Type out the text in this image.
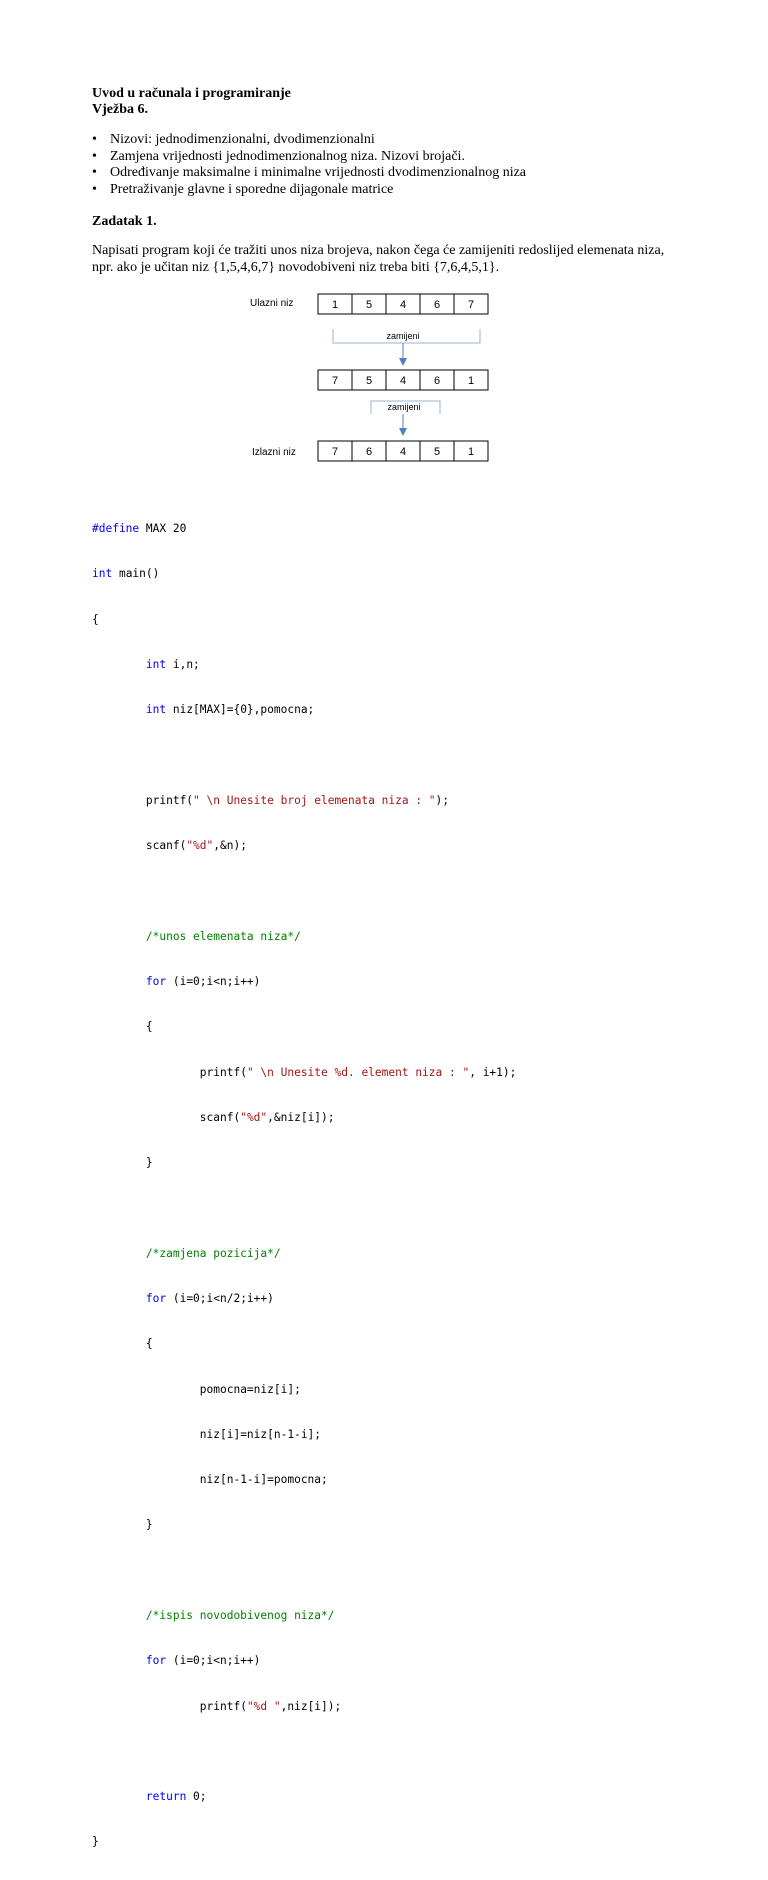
Uvod u računala i programiranje
Vježba 6.
• Nizovi: jednodimenzionalni, dvodimenzionalni
• Zamjena vrijednosti jednodimenzionalnog niza. Nizovi brojači.
• Određivanje maksimalne i minimalne vrijednosti dvodimenzionalnog niza
• Pretraživanje glavne i sporedne dijagonale matrice
Zadatak 1.
Napisati program koji će tražiti unos niza brojeva, nakon čega će zamijeniti redoslijed elemenata niza,
npr. ako je učitan niz {1,5,4,6,7} novodobiveni niz treba biti {7,6,4,5,1}.
Ulazni niz	1	5	4	6	7
zamijeni
7	5	4	6	1
zamijeni
Izlazni niz	7	6	4	5	1

#define MAX 20

int main()

{

int i,n;

int niz[MAX]={0},pomocna;

printf(" \n Unesite broj elemenata niza : ");

scanf("%d",&n);

/*unos elemenata niza*/

for (i=0;i<n;i++)

{

printf(" \n Unesite %d. element niza : ", i+1);

scanf("%d",&niz[i]);

}

/*zamjena pozicija*/

for (i=0;i<n/2;i++)

{

pomocna=niz[i];

niz[i]=niz[n-1-i];

niz[n-1-i]=pomocna;

}

/*ispis novodobivenog niza*/

for (i=0;i<n;i++)

printf("%d ",niz[i]);

return 0;

}
